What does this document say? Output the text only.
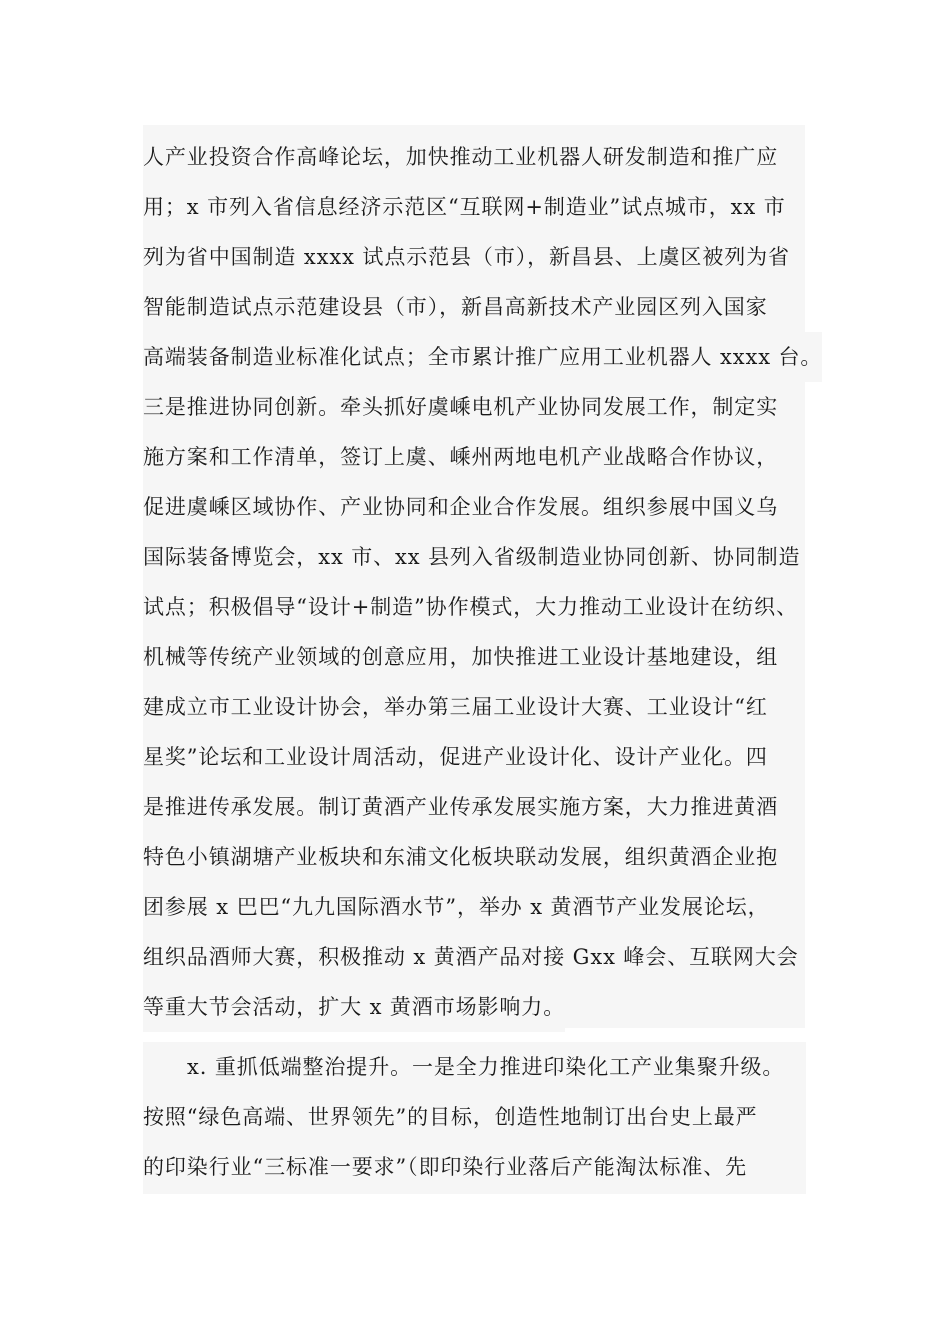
人产业投资合作高峰论坛，加快推动工业机器人研发制造和推广应
用；x 市列入省信息经济示范区“互联网+制造业”试点城市，xx 市
列为省中国制造 xxxx 试点示范县（市），新昌县、上虞区被列为省
智能制造试点示范建设县（市），新昌高新技术产业园区列入国家
高端装备制造业标准化试点；全市累计推广应用工业机器人 xxxx 台。
三是推进协同创新。牵头抓好虞嵊电机产业协同发展工作，制定实
施方案和工作清单，签订上虞、嵊州两地电机产业战略合作协议，
促进虞嵊区域协作、产业协同和企业合作发展。组织参展中国义乌
国际装备博览会，xx 市、xx 县列入省级制造业协同创新、协同制造
试点；积极倡导“设计+制造”协作模式，大力推动工业设计在纺织、
机械等传统产业领域的创意应用，加快推进工业设计基地建设，组
建成立市工业设计协会，举办第三届工业设计大赛、工业设计“红
星奖”论坛和工业设计周活动，促进产业设计化、设计产业化。四
是推进传承发展。制订黄酒产业传承发展实施方案，大力推进黄酒
特色小镇湖塘产业板块和东浦文化板块联动发展，组织黄酒企业抱
团参展 x 巴巴“九九国际酒水节”，举办 x 黄酒节产业发展论坛，
组织品酒师大赛，积极推动 x 黄酒产品对接 Gxx 峰会、互联网大会
等重大节会活动，扩大 x 黄酒市场影响力。
x. 重抓低端整治提升。一是全力推进印染化工产业集聚升级。
按照“绿色高端、世界领先”的目标，创造性地制订出台史上最严
的印染行业“三标准一要求”（即印染行业落后产能淘汰标准、先
